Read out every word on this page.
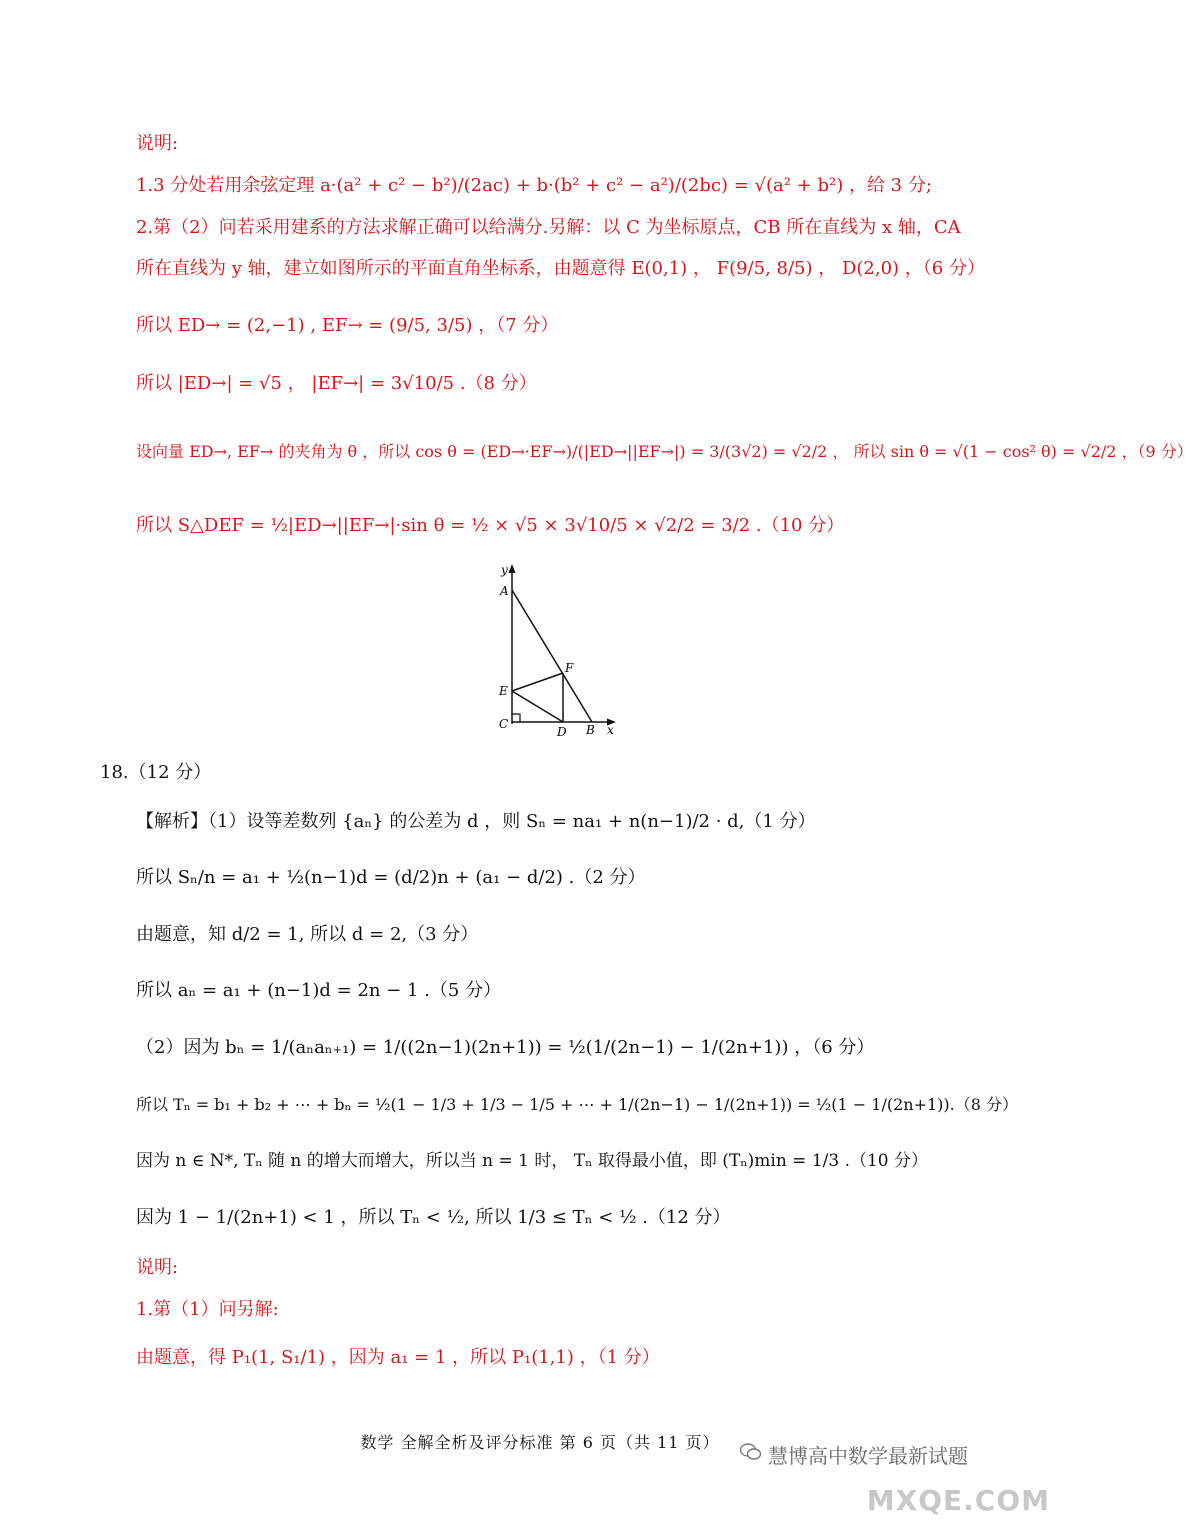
说明:
1.3 分处若用余弦定理 a·(a² + c² − b²)/(2ac) + b·(b² + c² − a²)/(2bc) = √(a² + b²) ，给 3 分;
2.第（2）问若采用建系的方法求解正确可以给满分.另解：以 C 为坐标原点，CB 所在直线为 x 轴，CA
所在直线为 y 轴，建立如图所示的平面直角坐标系，由题意得 E(0,1) ， F(9/5, 8/5) ， D(2,0) ，（6 分）
所以 ED→ = (2,−1) , EF→ = (9/5, 3/5) ，（7 分）
所以 |ED→| = √5 ， |EF→| = 3√10/5 .（8 分）
设向量 ED→, EF→ 的夹角为 θ ，所以 cos θ = (ED→·EF→)/(|ED→||EF→|) = 3/(3√2) = √2/2 ， 所以 sin θ = √(1 − cos² θ) = √2/2 ，（9 分）
所以 S△DEF = ½|ED→||EF→|·sin θ = ½ × √5 × 3√10/5 × √2/2 = 3/2 .（10 分）
y
A
F
E
C
D B x
18.（12 分）
【解析】（1）设等差数列 {aₙ} 的公差为 d ，则 Sₙ = na₁ + n(n−1)/2 · d,（1 分）
所以 Sₙ/n = a₁ + ½(n−1)d = (d/2)n + (a₁ − d/2) .（2 分）
由题意，知 d/2 = 1, 所以 d = 2,（3 分）
所以 aₙ = a₁ + (n−1)d = 2n − 1 .（5 分）
（2）因为 bₙ = 1/(aₙaₙ₊₁) = 1/((2n−1)(2n+1)) = ½(1/(2n−1) − 1/(2n+1)) ，（6 分）
所以 Tₙ = b₁ + b₂ + ⋯ + bₙ = ½(1 − 1/3 + 1/3 − 1/5 + ⋯ + 1/(2n−1) − 1/(2n+1)) = ½(1 − 1/(2n+1)).（8 分）
因为 n ∈ N*, Tₙ 随 n 的增大而增大，所以当 n = 1 时， Tₙ 取得最小值，即 (Tₙ)min = 1/3 .（10 分）
因为 1 − 1/(2n+1) < 1 ，所以 Tₙ < ½, 所以 1/3 ≤ Tₙ < ½ .（12 分）
说明:
1.第（1）问另解:
由题意，得 P₁(1, S₁/1) ，因为 a₁ = 1 ，所以 P₁(1,1) ，（1 分）
数学 全解全析及评分标准 第 6 页（共 11 页）
慧博高中数学最新试题
MXQE.COM
